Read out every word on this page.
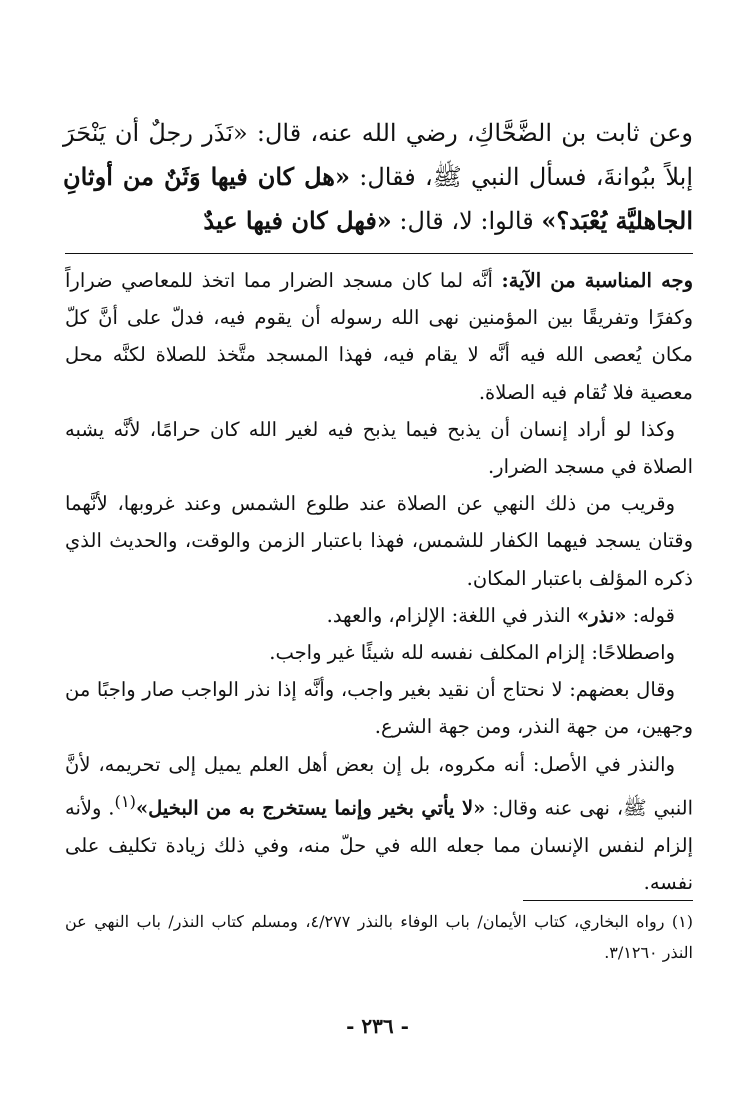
وعن ثابت بن الضَّحَّاكِ، رضي الله عنه، قال: «نَذَر رجلٌ أن يَنْحَرَ إبلاً ببُوانةَ، فسأل النبي ﷺ، فقال: «هل كان فيها وَثَنٌ من أوثانِ الجاهليَّة يُعْبَد؟» قالوا: لا، قال: «فهل كان فيها عيدٌ

وجه المناسبة من الآية: أنَّه لما كان مسجد الضرار مما اتخذ للمعاصي ضراراً وكفرًا وتفريقًا بين المؤمنين نهى الله رسوله أن يقوم فيه، فدلّ على أنَّ كلّ مكان يُعصى الله فيه أنَّه لا يقام فيه، فهذا المسجد متَّخذ للصلاة لكنَّه محل معصية فلا تُقام فيه الصلاة.

وكذا لو أراد إنسان أن يذبح فيما يذبح فيه لغير الله كان حرامًا، لأنَّه يشبه الصلاة في مسجد الضرار.

وقريب من ذلك النهي عن الصلاة عند طلوع الشمس وعند غروبها، لأنَّهما وقتان يسجد فيهما الكفار للشمس، فهذا باعتبار الزمن والوقت، والحديث الذي ذكره المؤلف باعتبار المكان.

قوله: «نذر» النذر في اللغة: الإلزام، والعهد.

واصطلاحًا: إلزام المكلف نفسه لله شيئًا غير واجب.

وقال بعضهم: لا نحتاج أن نقيد بغير واجب، وأنَّه إذا نذر الواجب صار واجبًا من وجهين، من جهة النذر، ومن جهة الشرع.

والنذر في الأصل: أنه مكروه، بل إن بعض أهل العلم يميل إلى تحريمه، لأنَّ النبي ﷺ، نهى عنه وقال: «لا يأتي بخير وإنما يستخرج به من البخيل»$^{(١)}$. ولأنه إلزام لنفس الإنسان مما جعله الله في حلّ منه، وفي ذلك زيادة تكليف على نفسه.

(١) رواه البخاري، كتاب الأيمان/ باب الوفاء بالنذر ٤/٢٧٧، ومسلم كتاب النذر/ باب النهي عن النذر ٣/١٢٦٠.
- ٢٣٦ -
